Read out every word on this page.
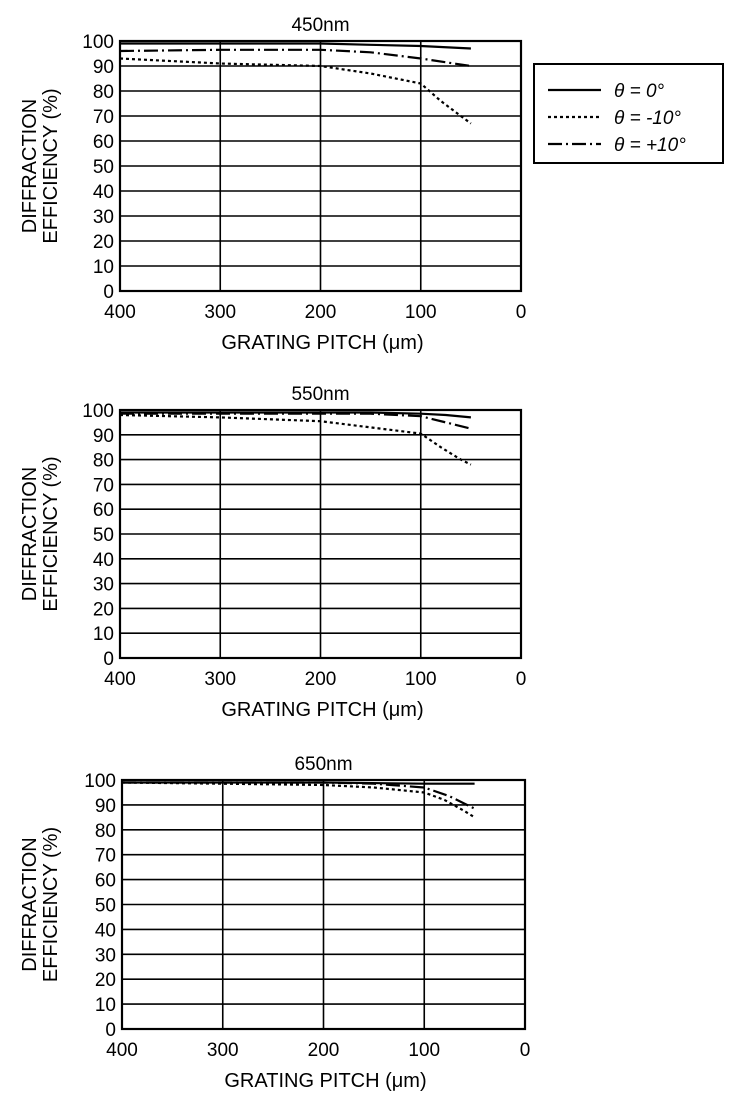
450nm
0
10
20
30
40
50
60
70
80
90
100
400	300	200	100	0
GRATING PITCH (μm)
DIFFRACTION EFFICIENCY (%)
550nm
0
10
20
30
40
50
60
70
80
90
100
400	300	200	100	0
GRATING PITCH (μm)
DIFFRACTION EFFICIENCY (%)
650nm
0
10
20
30
40
50
60
70
80
90
100
400	300	200	100	0
GRATING PITCH (μm)
DIFFRACTION EFFICIENCY (%)
θ = 0°
θ = -10°
θ = +10°
